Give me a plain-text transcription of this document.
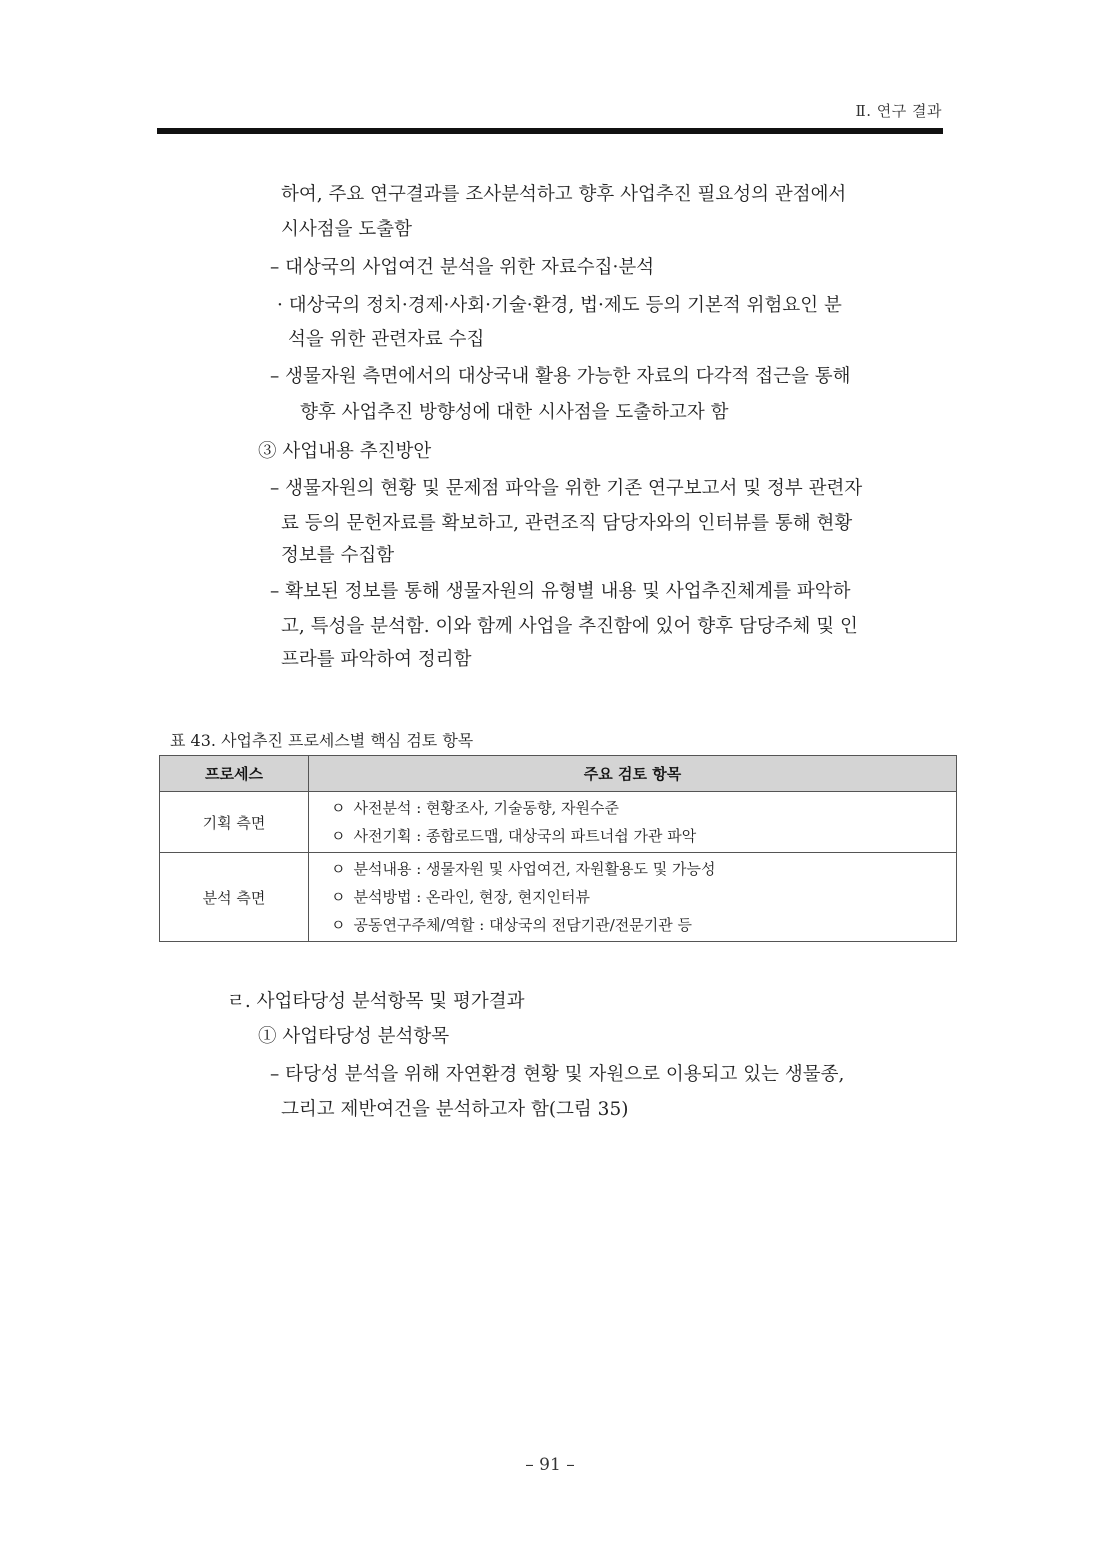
Ⅱ. 연구 결과
하여, 주요 연구결과를 조사분석하고 향후 사업추진 필요성의 관점에서
시사점을 도출함
– 대상국의 사업여건 분석을 위한 자료수집·분석
· 대상국의 정치·경제·사회·기술·환경, 법·제도 등의 기본적 위험요인 분
석을 위한 관련자료 수집
– 생물자원 측면에서의 대상국내 활용 가능한 자료의 다각적 접근을 통해
향후 사업추진 방향성에 대한 시사점을 도출하고자 함
③ 사업내용 추진방안
– 생물자원의 현황 및 문제점 파악을 위한 기존 연구보고서 및 정부 관련자
료 등의 문헌자료를 확보하고, 관련조직 담당자와의 인터뷰를 통해 현황
정보를 수집함
– 확보된 정보를 통해 생물자원의 유형별 내용 및 사업추진체계를 파악하
고, 특성을 분석함. 이와 함께 사업을 추진함에 있어 향후 담당주체 및 인
프라를 파악하여 정리함
표 43. 사업추진 프로세스별 핵심 검토 항목
프로세스	주요 검토 항목
기획 측면	ㅇ 사전분석 : 현황조사, 기술동향, 자원수준
ㅇ 사전기획 : 종합로드맵, 대상국의 파트너쉽 가관 파악

분석 측면	ㅇ 분석내용 : 생물자원 및 사업여건, 자원활용도 및 가능성
ㅇ 분석방법 : 온라인, 현장, 현지인터뷰
ㅇ 공동연구주체/역할 : 대상국의 전담기관/전문기관 등
ㄹ. 사업타당성 분석항목 및 평가결과
① 사업타당성 분석항목
– 타당성 분석을 위해 자연환경 현황 및 자원으로 이용되고 있는 생물종,
그리고 제반여건을 분석하고자 함(그림 35)
– 91 –
